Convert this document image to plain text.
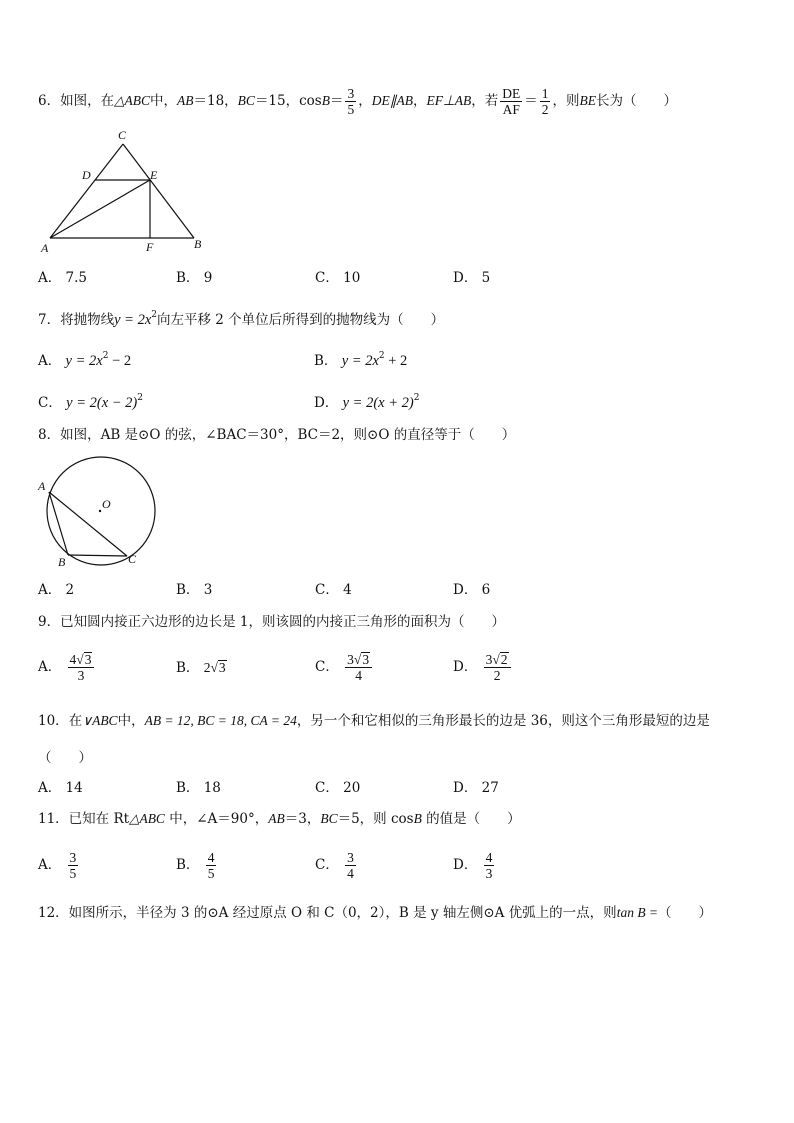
6．如图，在△ABC中，AB＝18，BC＝15，$\cos B= \frac{3}{5}$ ，DE∥AB，EF⊥AB，若 $\frac{DE}{AF} = \frac{1}{2}$ ，则BE长为（　　）
C
D	E
A	F	B
A． 7.5	B． 9	C． 10	D． 5
7．将抛物线$y = 2x^2$向左平移 2 个单位后所得到的抛物线为（　　）
A． $y = 2x^2 - 2$	B． $y = 2x^2 + 2$
C． $y = 2(x - 2)^2$	D． $y = 2(x + 2)^2$
8．如图，AB 是⊙O 的弦，∠BAC＝30°，BC＝2，则⊙O 的直径等于（　　）
A
O
B	C
A． 2	B． 3	C． 4	D． 6
9．已知圆内接正六边形的边长是 1，则该圆的内接正三角形的面积为（　　）
A． $\frac{4√3}{3}$	B． 2√3	C． $\frac{3√3}{4}$	D． $\frac{3√2}{2}$
10．在∨ABC中，AB = 12, BC = 18, CA = 24，另一个和它相似的三角形最长的边是 36，则这个三角形最短的边是
（　　）
A． 14	B． 18	C． 20	D． 27
11．已知在 Rt△ABC 中，∠A＝90°，AB＝3，BC＝5，则 cosB 的值是（　　）
A． $\frac{3}{5}$	B． $\frac{4}{5}$	C． $\frac{3}{4}$	D． $\frac{4}{3}$
12．如图所示，半径为 3 的⊙A 经过原点 O 和 C（0，2），B 是 y 轴左侧⊙A 优弧上的一点，则tan B =（　　）
